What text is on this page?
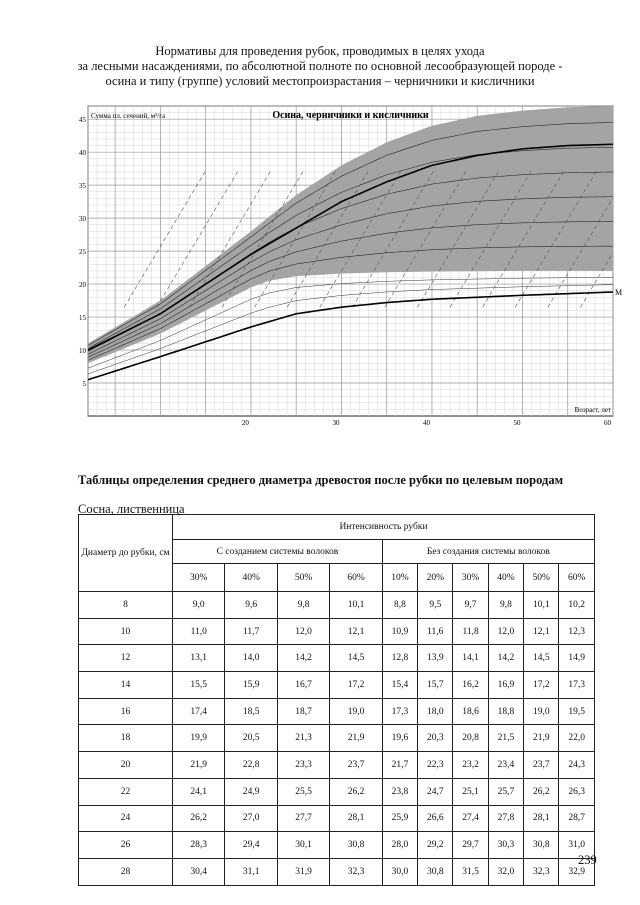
Нормативы для проведения рубок, проводимых в целях ухода
за лесными насаждениями, по абсолютной полноте по основной лесообразующей породе -
осина и типу (группе) условий местопроизрастания – черничники и кисличники
Осина, черничники и кисличники
Сумма пл. сечений, м²/га
Возраст, лет
5
10
15
20
25
30
35
40
45
20	30	40	50	60
M
Таблицы определения среднего диаметра древостоя после рубки по целевым породам
Сосна, лиственница
Диаметр до рубки, см	Интенсивность рубки									
	С созданием системы волоков				Без создания системы волоков					
	30%	40%	50%	60%	10%	20%	30%	40%	50%	60%
8	9,0	9,6	9,8	10,1	8,8	9,5	9,7	9,8	10,1	10,2
10	11,0	11,7	12,0	12,1	10,9	11,6	11,8	12,0	12,1	12,3
12	13,1	14,0	14,2	14,5	12,8	13,9	14,1	14,2	14,5	14,9
14	15,5	15,9	16,7	17,2	15,4	15,7	16,2	16,9	17,2	17,3
16	17,4	18,5	18,7	19,0	17,3	18,0	18,6	18,8	19,0	19,5
18	19,9	20,5	21,3	21,9	19,6	20,3	20,8	21,5	21,9	22,0
20	21,9	22,8	23,3	23,7	21,7	22,3	23,2	23,4	23,7	24,3
22	24,1	24,9	25,5	26,2	23,8	24,7	25,1	25,7	26,2	26,3
24	26,2	27,0	27,7	28,1	25,9	26,6	27,4	27,8	28,1	28,7
26	28,3	29,4	30,1	30,8	28,0	29,2	29,7	30,3	30,8	31,0
28	30,4	31,1	31,9	32,3	30,0	30,8	31,5	32,0	32,3	32,9
239
